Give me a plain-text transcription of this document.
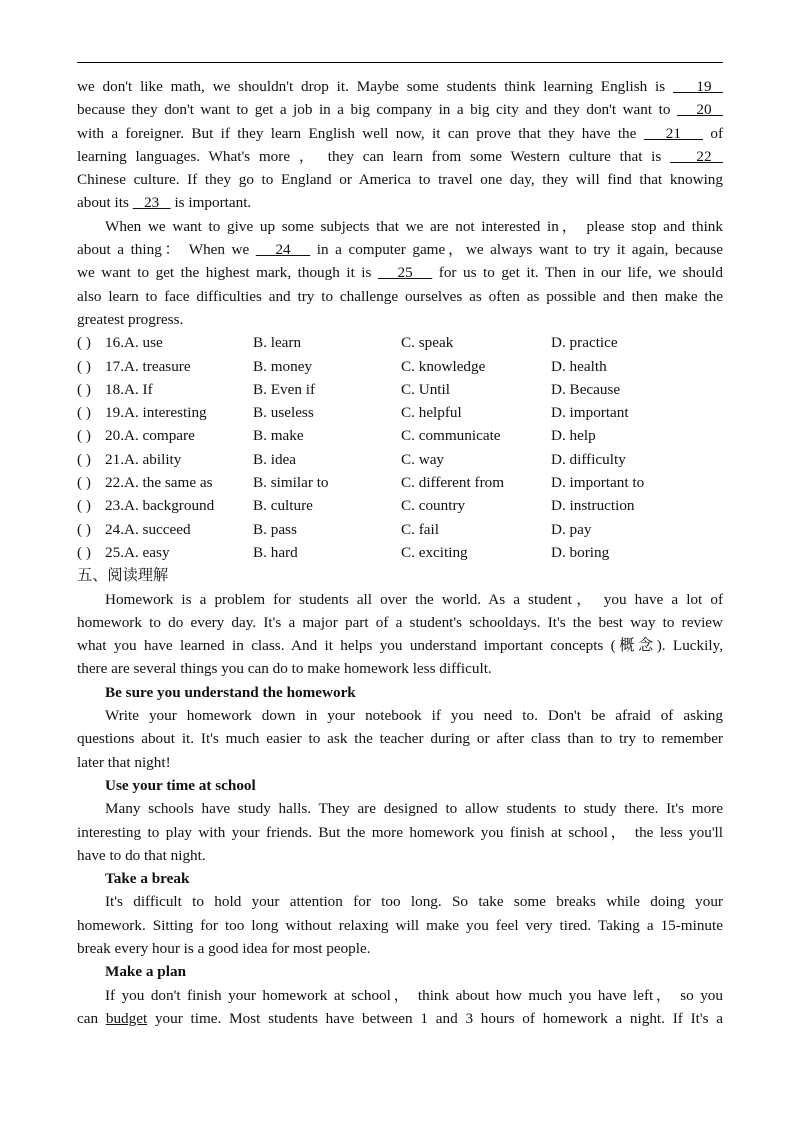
we don't like math, we shouldn't drop it. Maybe some students think learning English is    19
because they don't want to get a job in a big company in a big city and they don't want to    20
with a foreigner. But if they learn English well now, it can prove that they have the    21    of
learning languages. What's more ， they can learn from some Western culture that is    22
Chinese culture. If they go to England or America to travel one day, they will find that knowing
about its    23    is important.
When we want to give up some subjects that we are not interested in， please stop and think
about a thing： When we    24    in a computer game，we always want to try it again, because
we want to get the highest mark, though it is    25    for us to get it. Then in our life, we should
also learn to face difficulties and try to challenge ourselves as often as possible and then make the
greatest progress.
( ) 16.A. use	B. learn	C. speak	D. practice
( ) 17.A. treasure	B. money	C. knowledge	D. health
( ) 18.A. If	B. Even if	C. Until	D. Because
( ) 19.A. interesting	B. useless	C. helpful	D. important
( ) 20.A. compare	B. make	C. communicate	D. help
( ) 21.A. ability	B. idea	C. way	D. difficulty
( ) 22.A. the same as	B. similar to	C. different from	D. important to
( ) 23.A. background	B. culture	C. country	D. instruction
( ) 24.A. succeed	B. pass	C. fail	D. pay
( ) 25.A. easy	B. hard	C. exciting	D. boring
五、阅读理解
Homework is a problem for students all over the world. As a student， you have a lot of
homework to do every day. It's a major part of a student's schooldays. It's the best way to review
what you have learned in class. And it helps you understand important concepts (概念). Luckily,
there are several things you can do to make homework less difficult.
Be sure you understand the homework
Write your homework down in your notebook if you need to. Don't be afraid of asking
questions about it. It's much easier to ask the teacher during or after class than to try to remember
later that night!
Use your time at school
Many schools have study halls. They are designed to allow students to study there. It's more
interesting to play with your friends. But the more homework you finish at school， the less you'll
have to do that night.
Take a break
It's difficult to hold your attention for too long. So take some breaks while doing your
homework. Sitting for too long without relaxing will make you feel very tired. Taking a 15-minute
break every hour is a good idea for most people.
Make a plan
If you don't finish your homework at school， think about how much you have left， so you
can budget your time. Most students have between 1 and 3 hours of homework a night. If It's a
